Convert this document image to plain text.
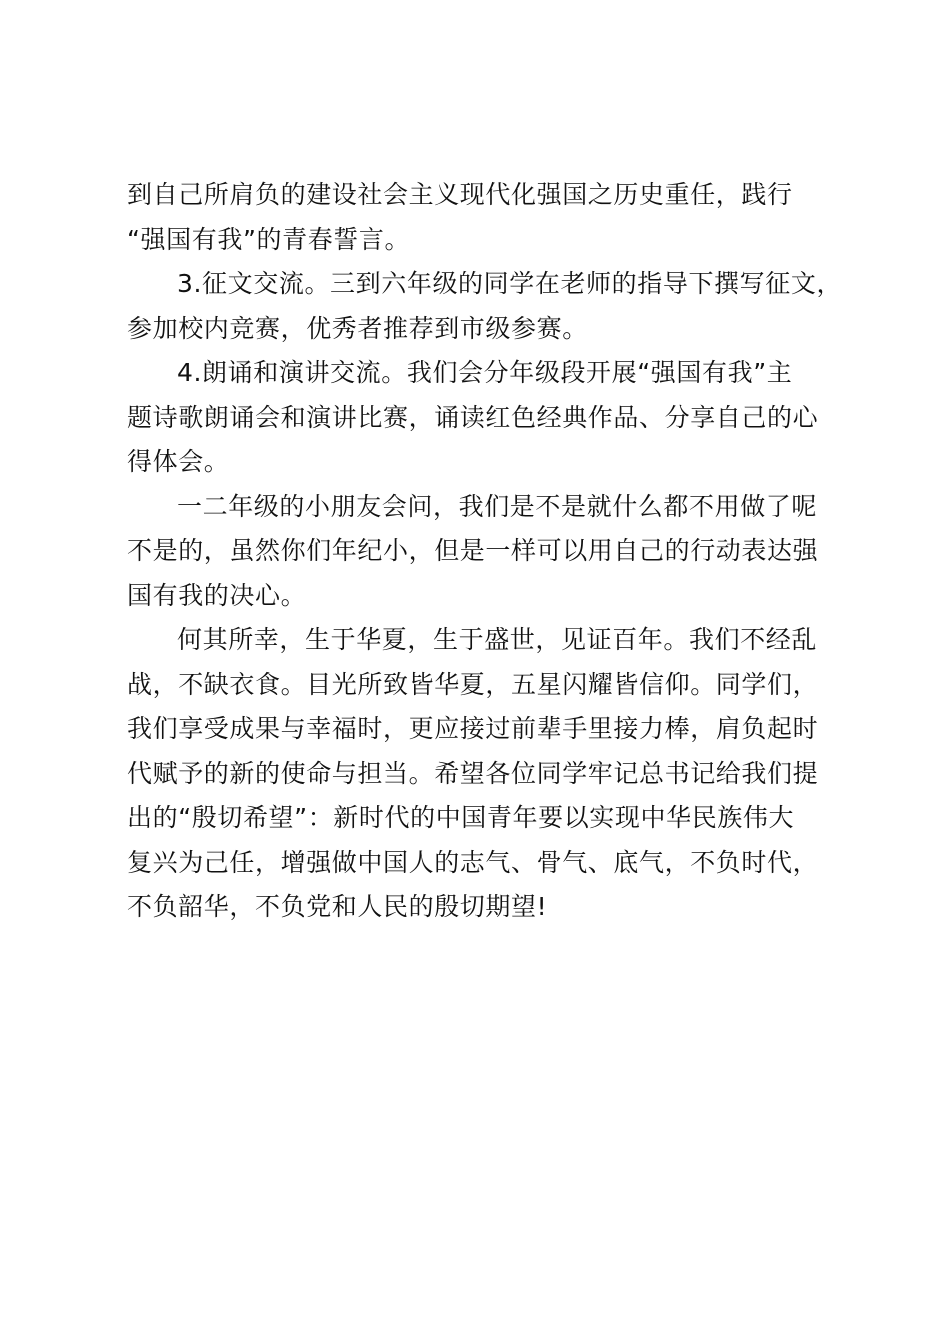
到自己所肩负的建设社会主义现代化强国之历史重任，践行
“强国有我”的青春誓言。
3.征文交流。三到六年级的同学在老师的指导下撰写征文，
参加校内竞赛，优秀者推荐到市级参赛。
4.朗诵和演讲交流。我们会分年级段开展“强国有我”主
题诗歌朗诵会和演讲比赛，诵读红色经典作品、分享自己的心
得体会。
一二年级的小朋友会问，我们是不是就什么都不用做了呢
不是的，虽然你们年纪小，但是一样可以用自己的行动表达强
国有我的决心。
何其所幸，生于华夏，生于盛世，见证百年。我们不经乱
战，不缺衣食。目光所致皆华夏，五星闪耀皆信仰。同学们，
我们享受成果与幸福时，更应接过前辈手里接力棒，肩负起时
代赋予的新的使命与担当。希望各位同学牢记总书记给我们提
出的“殷切希望”：新时代的中国青年要以实现中华民族伟大
复兴为己任，增强做中国人的志气、骨气、底气，不负时代，
不负韶华，不负党和人民的殷切期望!
